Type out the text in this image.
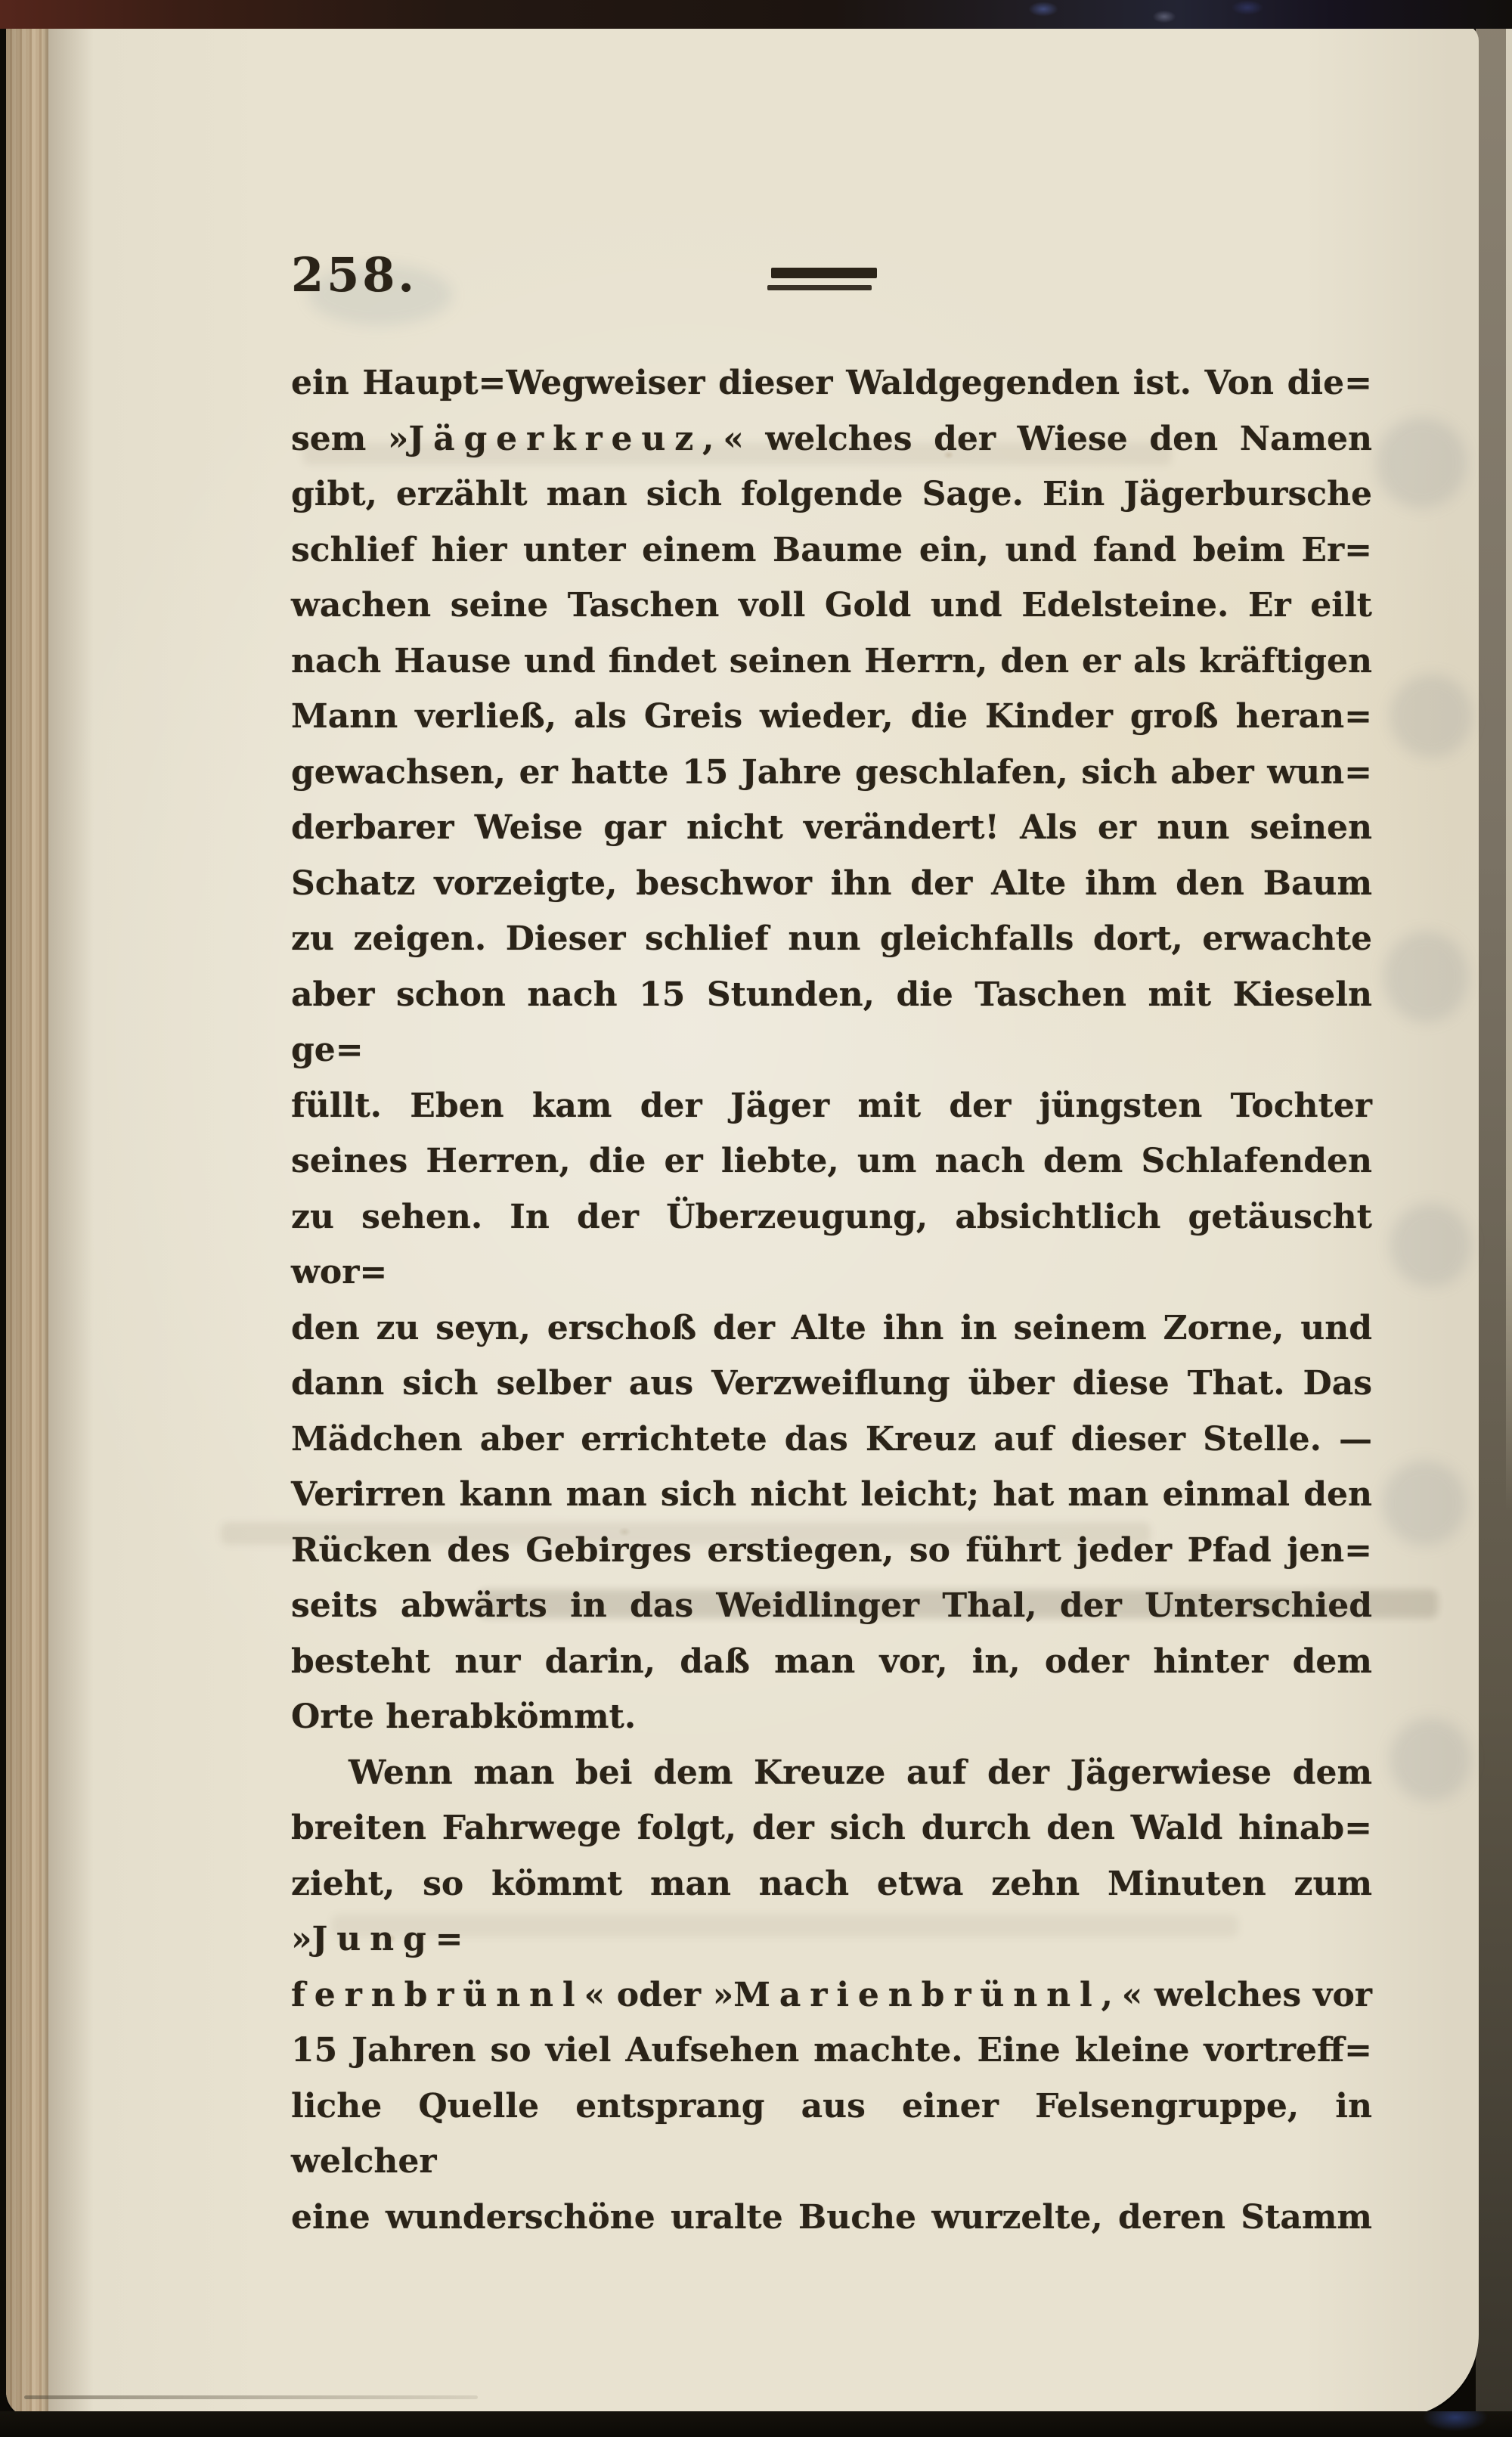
258.
ein Haupt=Wegweiser dieser Waldgegenden ist. Von die=
sem »Jägerkreuz,« welches der Wiese den Namen
gibt, erzählt man sich folgende Sage. Ein Jägerbursche
schlief hier unter einem Baume ein, und fand beim Er=
wachen seine Taschen voll Gold und Edelsteine. Er eilt
nach Hause und findet seinen Herrn, den er als kräftigen
Mann verließ, als Greis wieder, die Kinder groß heran=
gewachsen, er hatte 15 Jahre geschlafen, sich aber wun=
derbarer Weise gar nicht verändert! Als er nun seinen
Schatz vorzeigte, beschwor ihn der Alte ihm den Baum
zu zeigen. Dieser schlief nun gleichfalls dort, erwachte
aber schon nach 15 Stunden, die Taschen mit Kieseln ge=
füllt. Eben kam der Jäger mit der jüngsten Tochter
seines Herren, die er liebte, um nach dem Schlafenden
zu sehen. In der Überzeugung, absichtlich getäuscht wor=
den zu seyn, erschoß der Alte ihn in seinem Zorne, und
dann sich selber aus Verzweiflung über diese That. Das
Mädchen aber errichtete das Kreuz auf dieser Stelle. —
Verirren kann man sich nicht leicht; hat man einmal den
Rücken des Gebirges erstiegen, so führt jeder Pfad jen=
seits abwärts in das Weidlinger Thal, der Unterschied
besteht nur darin, daß man vor, in, oder hinter dem
Orte herabkömmt.
Wenn man bei dem Kreuze auf der Jägerwiese dem
breiten Fahrwege folgt, der sich durch den Wald hinab=
zieht, so kömmt man nach etwa zehn Minuten zum »Jung=
fernbrünnl« oder »Marienbrünnl,« welches vor
15 Jahren so viel Aufsehen machte. Eine kleine vortreff=
liche Quelle entsprang aus einer Felsengruppe, in welcher
eine wunderschöne uralte Buche wurzelte, deren Stamm
